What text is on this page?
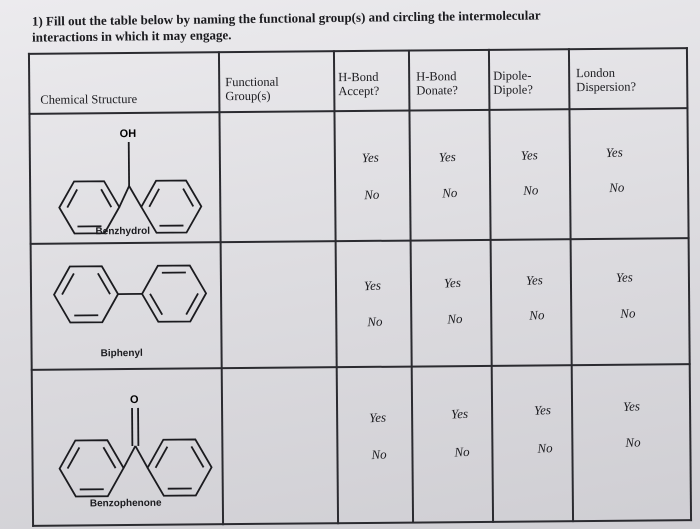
1) Fill out the table below by naming the functional group(s) and circling the intermolecular
interactions in which it may engage.
Chemical Structure
Functional
Group(s)
H-Bond
Accept?
H-Bond
Donate?
Dipole-
Dipole?
London
Dispersion?
OH
Benzhydrol
Yes
No
Yes
No
Yes
No
Yes
No
Biphenyl
Yes
No
Yes
No
Yes
No
Yes
No
O
Benzophenone
Yes
No
Yes
No
Yes
No
Yes
No
